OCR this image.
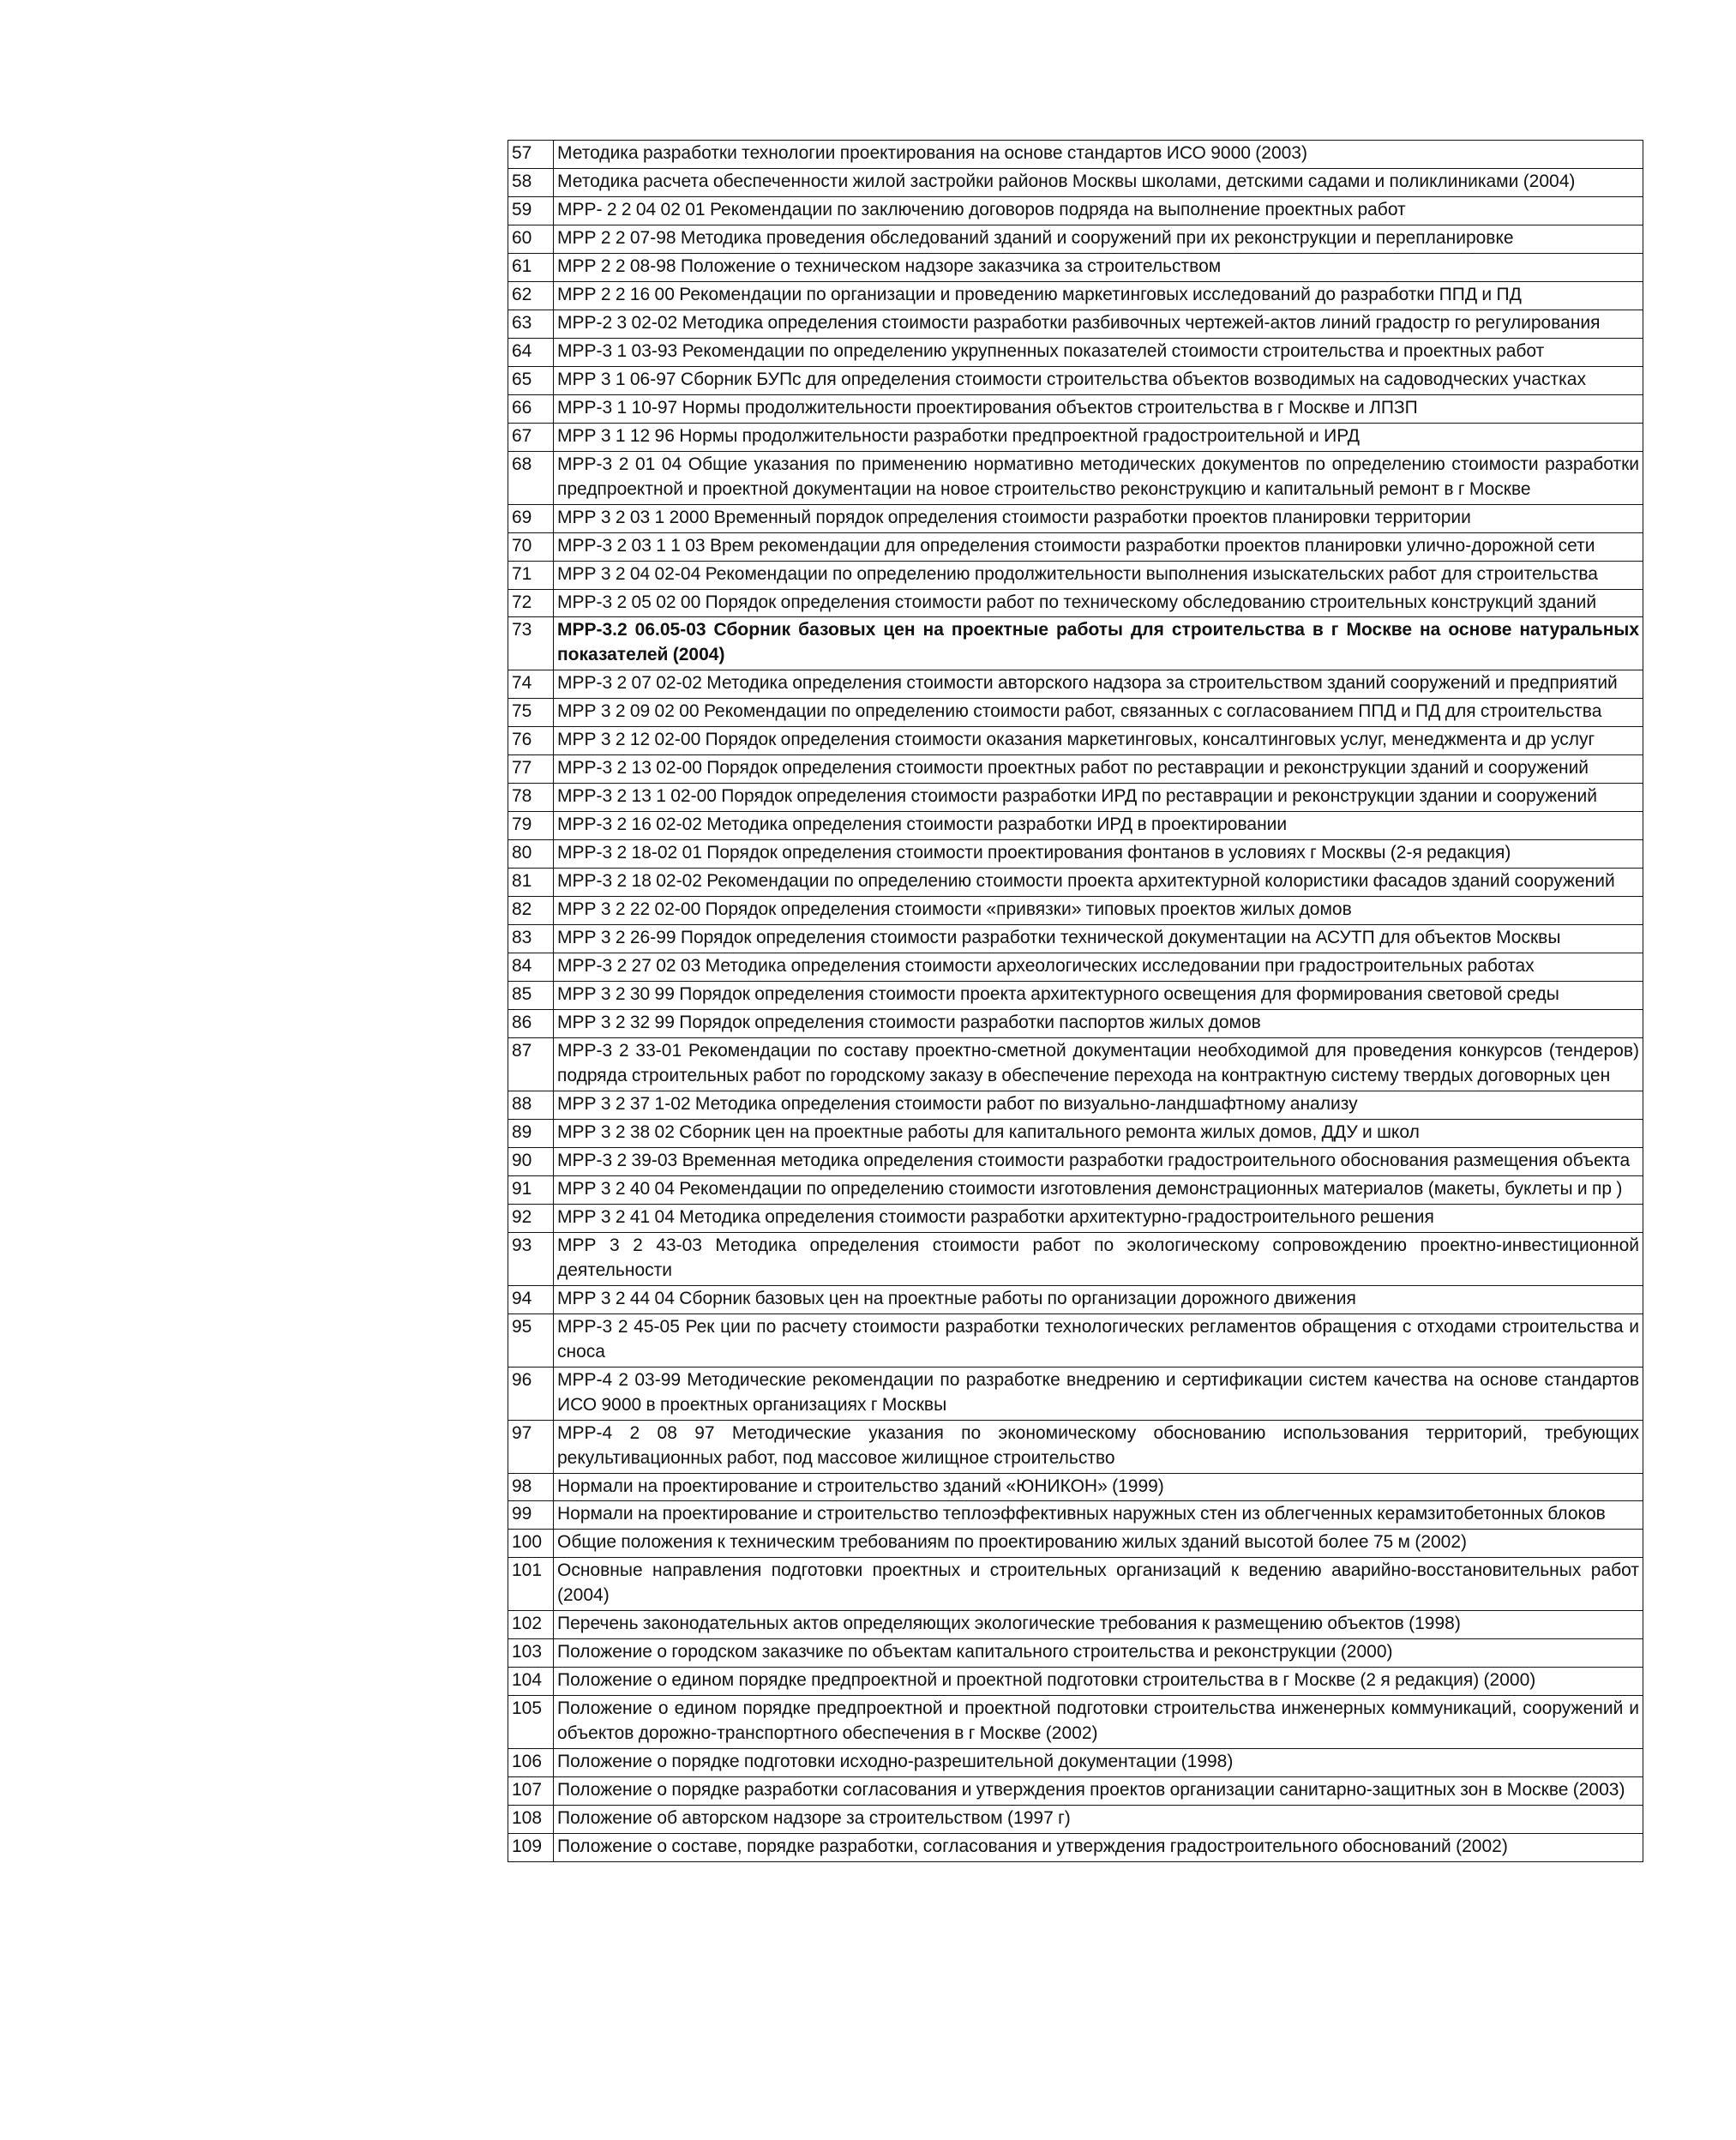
57	Методика разработки технологии проектирования на основе стандартов ИСО 9000 (2003)
58	Методика расчета обеспеченности жилой застройки районов Москвы школами, детскими садами и поликлиниками (2004)
59	МРР- 2 2 04 02 01 Рекомендации по заключению договоров подряда на выполнение проектных работ
60	МРР 2 2 07-98 Методика проведения обследований зданий и сооружений при их реконструкции и перепланировке
61	МРР 2 2 08-98 Положение о техническом надзоре заказчика за строительством
62	МРР 2 2 16 00 Рекомендации по организации и проведению маркетинговых исследований до разработки ППД и ПД
63	МРР-2 3 02-02 Методика определения стоимости разработки разбивочных чертежей-актов линий градостр го регулирования
64	МРР-3 1 03-93 Рекомендации по определению укрупненных показателей стоимости строительства и проектных работ
65	МРР 3 1 06-97 Сборник БУПс для определения стоимости строительства объектов возводимых на садоводческих участках
66	МРР-3 1 10-97 Нормы продолжительности проектирования объектов строительства в г Москве и ЛПЗП
67	МРР 3 1 12 96 Нормы продолжительности разработки предпроектной градостроительной и ИРД
68	МРР-3 2 01 04 Общие указания по применению нормативно методических документов по определению стоимости разработки предпроектной и проектной документации на новое строительство реконструкцию и капитальный ремонт в г Москве
69	МРР 3 2 03 1 2000 Временный порядок определения стоимости разработки проектов планировки территории
70	МРР-3 2 03 1 1 03 Врем рекомендации для определения стоимости разработки проектов планировки улично-дорожной сети
71	МРР 3 2 04 02-04 Рекомендации по определению продолжительности выполнения изыскательских работ для строительства
72	МРР-3 2 05 02 00 Порядок определения стоимости работ по техническому обследованию строительных конструкций зданий
73	МРР-3.2 06.05-03 Сборник базовых цен на проектные работы для строительства в г Москве на основе натуральных показателей (2004)
74	МРР-3 2 07 02-02 Методика определения стоимости авторского надзора за строительством зданий сооружений и предприятий
75	МРР 3 2 09 02 00 Рекомендации по определению стоимости работ, связанных с согласованием ППД и ПД для строительства
76	МРР 3 2 12 02-00 Порядок определения стоимости оказания маркетинговых, консалтинговых услуг, менеджмента и др услуг
77	МРР-3 2 13 02-00 Порядок определения стоимости проектных работ по реставрации и реконструкции зданий и сооружений
78	МРР-3 2 13 1 02-00 Порядок определения стоимости разработки ИРД по реставрации и реконструкции здании и сооружений
79	МРР-3 2 16 02-02 Методика определения стоимости разработки ИРД в проектировании
80	МРР-3 2 18-02 01 Порядок определения стоимости проектирования фонтанов в условиях г Москвы (2-я редакция)
81	МРР-3 2 18 02-02 Рекомендации по определению стоимости проекта архитектурной колористики фасадов зданий сооружений
82	МРР 3 2 22 02-00 Порядок определения стоимости «привязки» типовых проектов жилых домов
83	МРР 3 2 26-99 Порядок определения стоимости разработки технической документации на АСУТП для объектов Москвы
84	МРР-3 2 27 02 03 Методика определения стоимости археологических исследовании при градостроительных работах
85	МРР 3 2 30 99 Порядок определения стоимости проекта архитектурного освещения для формирования световой среды
86	МРР 3 2 32 99 Порядок определения стоимости разработки паспортов жилых домов
87	МРР-3 2 33-01 Рекомендации по составу проектно-сметной документации необходимой для проведения конкурсов (тендеров) подряда строительных работ по городскому заказу в обеспечение перехода на контрактную систему твердых договорных цен
88	МРР 3 2 37 1-02 Методика определения стоимости работ по визуально-ландшафтному анализу
89	МРР 3 2 38 02 Сборник цен на проектные работы для капитального ремонта жилых домов, ДДУ и школ
90	МРР-3 2 39-03 Временная методика определения стоимости разработки градостроительного обоснования размещения объекта
91	МРР 3 2 40 04 Рекомендации по определению стоимости изготовления демонстрационных материалов (макеты, буклеты и пр )
92	МРР 3 2 41 04 Методика определения стоимости разработки архитектурно-градостроительного решения
93	МРР 3 2 43-03 Методика определения стоимости работ по экологическому сопровождению проектно-инвестиционной деятельности
94	МРР 3 2 44 04 Сборник базовых цен на проектные работы по организации дорожного движения
95	МРР-3 2 45-05 Рек ции по расчету стоимости разработки технологических регламентов обращения с отходами строительства и сноса
96	МРР-4 2 03-99 Методические рекомендации по разработке внедрению и сертификации систем качества на основе стандартов ИСО 9000 в проектных организациях г Москвы
97	МРР-4 2 08 97 Методические указания по экономическому обоснованию использования территорий, требующих рекультивационных работ, под массовое жилищное строительство
98	Нормали на проектирование и строительство зданий «ЮНИКОН» (1999)
99	Нормали на проектирование и строительство теплоэффективных наружных стен из облегченных керамзитобетонных блоков
100	Общие положения к техническим требованиям по проектированию жилых зданий высотой более 75 м (2002)
101	Основные направления подготовки проектных и строительных организаций к ведению аварийно-восстановительных работ (2004)
102	Перечень законодательных актов определяющих экологические требования к размещению объектов (1998)
103	Положение о городском заказчике по объектам капитального строительства и реконструкции (2000)
104	Положение о едином порядке предпроектной и проектной подготовки строительства в г Москве (2 я редакция) (2000)
105	Положение о едином порядке предпроектной и проектной подготовки строительства инженерных коммуникаций, сооружений и объектов дорожно-транспортного обеспечения в г Москве (2002)
106	Положение о порядке подготовки исходно-разрешительной документации (1998)
107	Положение о порядке разработки согласования и утверждения проектов организации санитарно-защитных зон в Москве (2003)
108	Положение об авторском надзоре за строительством (1997 г)
109	Положение о составе, порядке разработки, согласования и утверждения градостроительного обоснований (2002)
